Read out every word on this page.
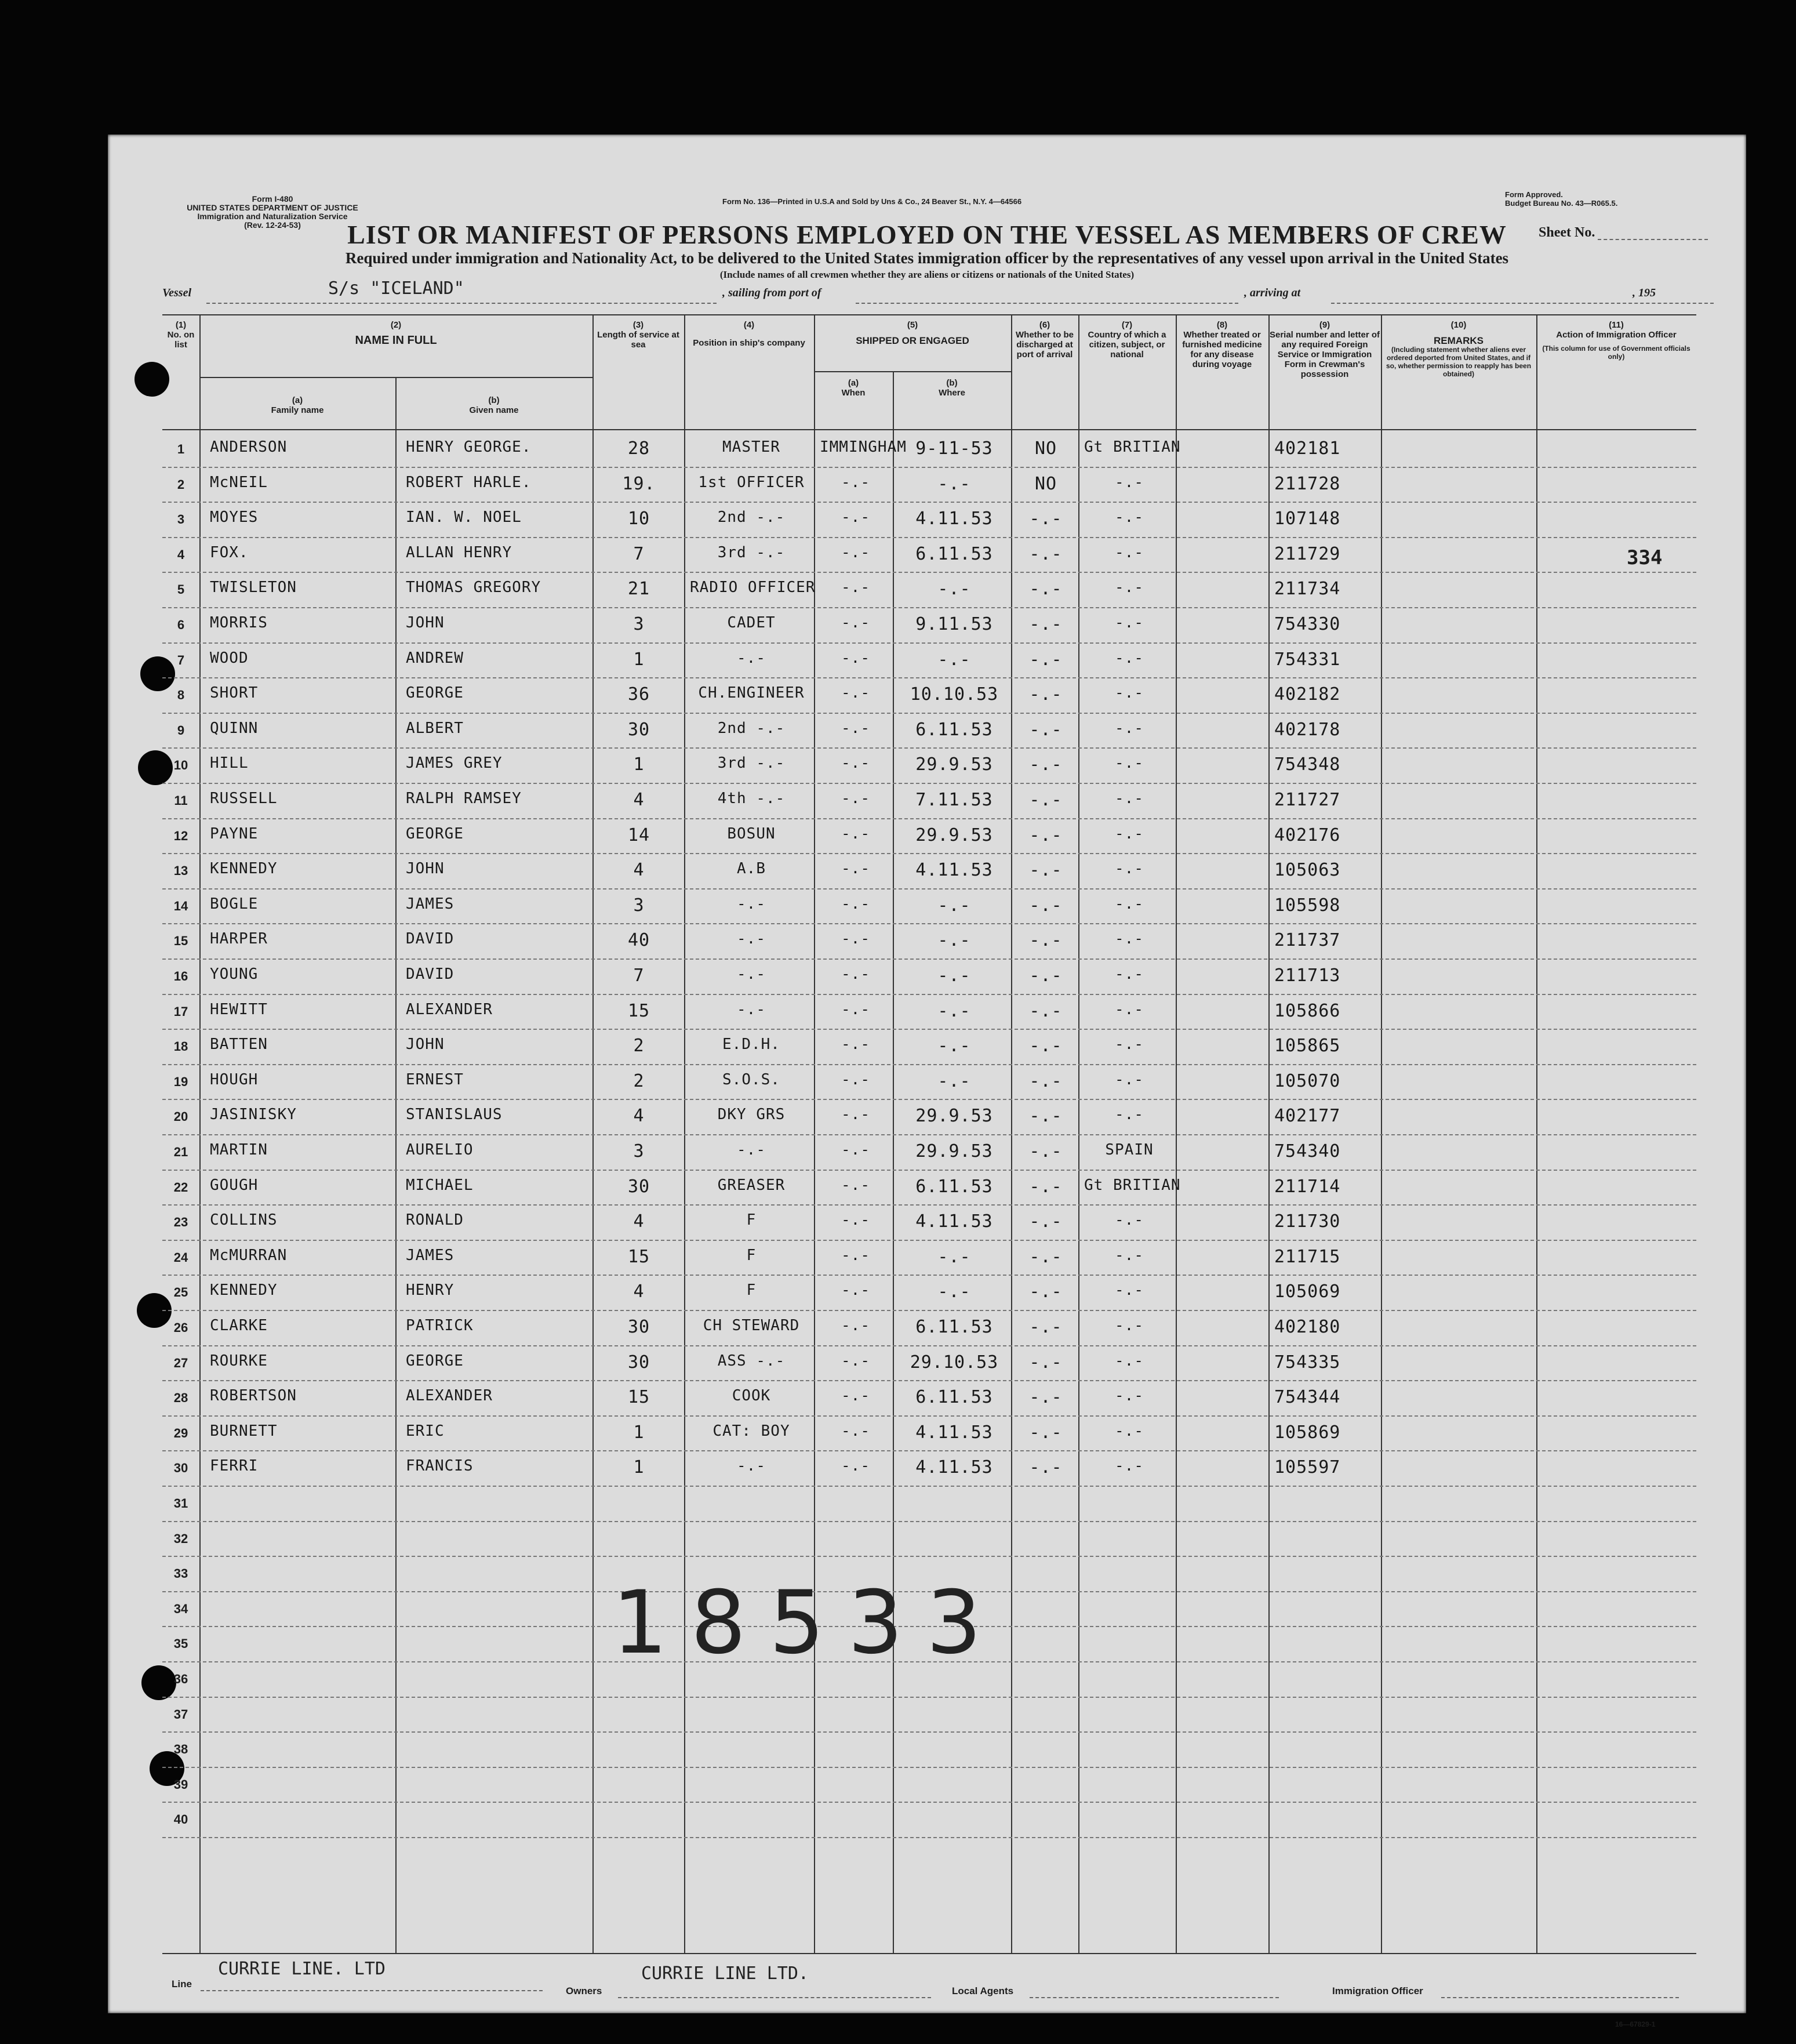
Form I-480
UNITED STATES DEPARTMENT OF JUSTICE
Immigration and Naturalization Service
(Rev. 12-24-53)
Form No. 136—Printed in U.S.A and Sold by Uns & Co., 24 Beaver St., N.Y. 4—64566
Form Approved.
Budget Bureau No. 43—R065.5.
LIST OR MANIFEST OF PERSONS EMPLOYED ON THE VESSEL AS MEMBERS OF CREW	Sheet No.
Required under immigration and Nationality Act, to be delivered to the United States immigration officer by the representatives of any vessel upon arrival in the United States
(Include names of all crewmen whether they are aliens or citizens or nationals of the United States)
Vessel	S/s "ICELAND"	, sailing from port of	, arriving at	, 195
(1)
No. on list
(2)
NAME IN FULL
(a)
Family name
(b)
Given name
(3)
Length of service at sea
(4)
Position in ship's company
(5)
SHIPPED OR ENGAGED
(a)
When
(b)
Where
(6)
Whether to be discharged at port of arrival
(7)
Country of which a citizen, subject, or national
(8)
Whether treated or furnished medicine for any disease during voyage
(9)
Serial number and letter of any required Foreign Service or Immigration Form in Crewman's possession
(10)
REMARKS
(Including statement whether aliens ever ordered deported from United States, and if so, whether permission to reapply has been obtained)
(11)
Action of Immigration Officer
(This column for use of Government officials only)
1	ANDERSON	HENRY GEORGE.	28	MASTER	IMMINGHAM 9-11-53	NO	Gt BRITIAN	402181
2	McNEIL	ROBERT HARLE.	19.	1st OFFICER	-.-	-.-	NO	-.-	211728
3	MOYES	IAN. W. NOEL	10	2nd -.-	-.-	4.11.53	-.-	-.-	107148
4	FOX.	ALLAN HENRY	7	3rd -.-	-.-	6.11.53	-.-	-.-	211729
5	TWISLETON	THOMAS GREGORY	21	RADIO OFFICER	-.-	-.-	-.-	-.-	211734
6	MORRIS	JOHN	3	CADET	-.-	9.11.53	-.-	-.-	754330
7	WOOD	ANDREW	1	-.-	-.-	-.-	-.-	-.-	754331
8	SHORT	GEORGE	36	CH.ENGINEER	-.-	10.10.53	-.-	-.-	402182
9	QUINN	ALBERT	30	2nd -.-	-.-	6.11.53	-.-	-.-	402178
10	HILL	JAMES GREY	1	3rd -.-	-.-	29.9.53	-.-	-.-	754348
11	RUSSELL	RALPH RAMSEY	4	4th -.-	-.-	7.11.53	-.-	-.-	211727
12	PAYNE	GEORGE	14	BOSUN	-.-	29.9.53	-.-	-.-	402176
13	KENNEDY	JOHN	4	A.B	-.-	4.11.53	-.-	-.-	105063
14	BOGLE	JAMES	3	-.-	-.-	-.-	-.-	-.-	105598
15	HARPER	DAVID	40	-.-	-.-	-.-	-.-	-.-	211737
16	YOUNG	DAVID	7	-.-	-.-	-.-	-.-	-.-	211713
17	HEWITT	ALEXANDER	15	-.-	-.-	-.-	-.-	-.-	105866
18	BATTEN	JOHN	2	E.D.H.	-.-	-.-	-.-	-.-	105865
19	HOUGH	ERNEST	2	S.O.S.	-.-	-.-	-.-	-.-	105070
20	JASINISKY	STANISLAUS	4	DKY GRS	-.-	29.9.53	-.-	-.-	402177
21	MARTIN	AURELIO	3	-.-	-.-	29.9.53	-.-	SPAIN	754340
22	GOUGH	MICHAEL	30	GREASER	-.-	6.11.53	-.-	Gt BRITIAN	211714
23	COLLINS	RONALD	4	F	-.-	4.11.53	-.-	-.-	211730
24	McMURRAN	JAMES	15	F	-.-	-.-	-.-	-.-	211715
25	KENNEDY	HENRY	4	F	-.-	-.-	-.-	-.-	105069
26	CLARKE	PATRICK	30	CH STEWARD	-.-	6.11.53	-.-	-.-	402180
27	ROURKE	GEORGE	30	ASS -.-	-.-	29.10.53	-.-	-.-	754335
28	ROBERTSON	ALEXANDER	15	COOK	-.-	6.11.53	-.-	-.-	754344
29	BURNETT	ERIC	1	CAT: BOY	-.-	4.11.53	-.-	-.-	105869
30	FERRI	FRANCIS	1	-.-	-.-	4.11.53	-.-	-.-	105597
31
32
33
34
35
36
37
38
39
40
334
18533
Line
CURRIE LINE. LTD
Owners
CURRIE LINE LTD.
Local Agents	Immigration Officer
16—67829-1
